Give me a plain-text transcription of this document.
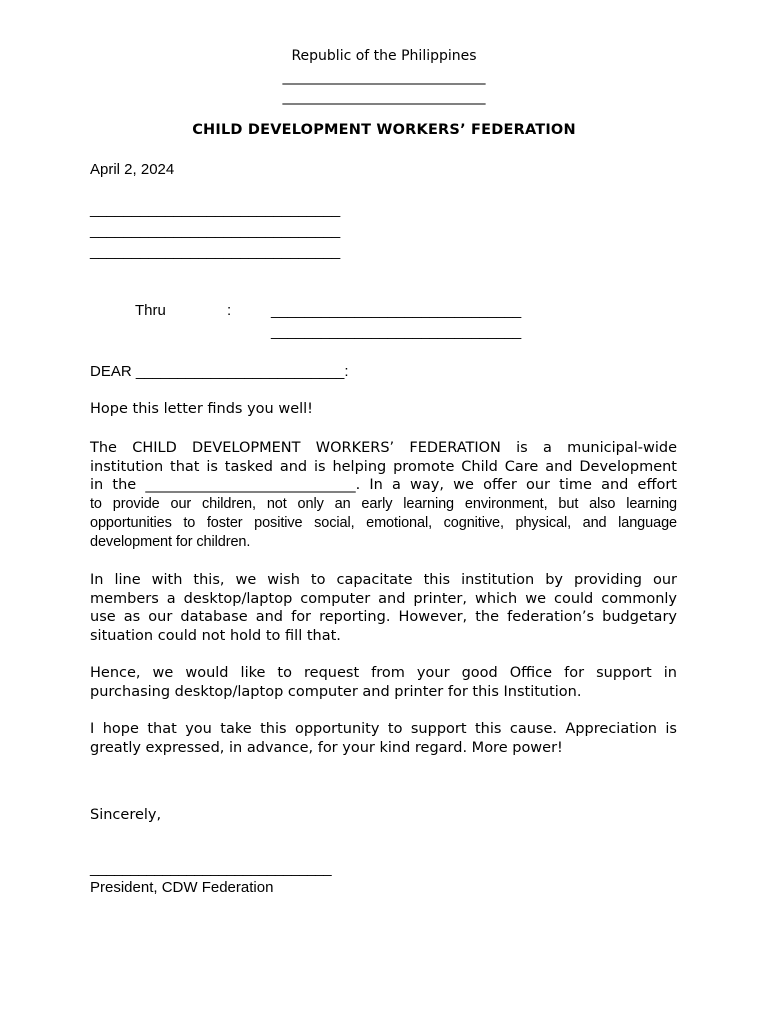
Republic of the Philippines

_____________________________

_____________________________

CHILD DEVELOPMENT WORKERS’ FEDERATION

April 2, 2024

______________________________

______________________________

______________________________

Thru	:	______________________________

______________________________

DEAR _________________________:

Hope this letter finds you well!

The CHILD DEVELOPMENT WORKERS’ FEDERATION is a municipal-wide
institution that is tasked and is helping promote Child Care and Development
in the _____________________________. In a way, we offer our time and effort
to provide our children, not only an early learning environment, but also learning
opportunities to foster positive social, emotional, cognitive, physical, and language
development for children.
In line with this, we wish to capacitate this institution by providing our
members a desktop/laptop computer and printer, which we could commonly
use as our database and for reporting. However, the federation’s budgetary
situation could not hold to fill that.
Hence, we would like to request from your good Office for support in
purchasing desktop/laptop computer and printer for this Institution.
I hope that you take this opportunity to support this cause. Appreciation is
greatly expressed, in advance, for your kind regard. More power!

Sincerely,

______________________________

President, CDW Federation
